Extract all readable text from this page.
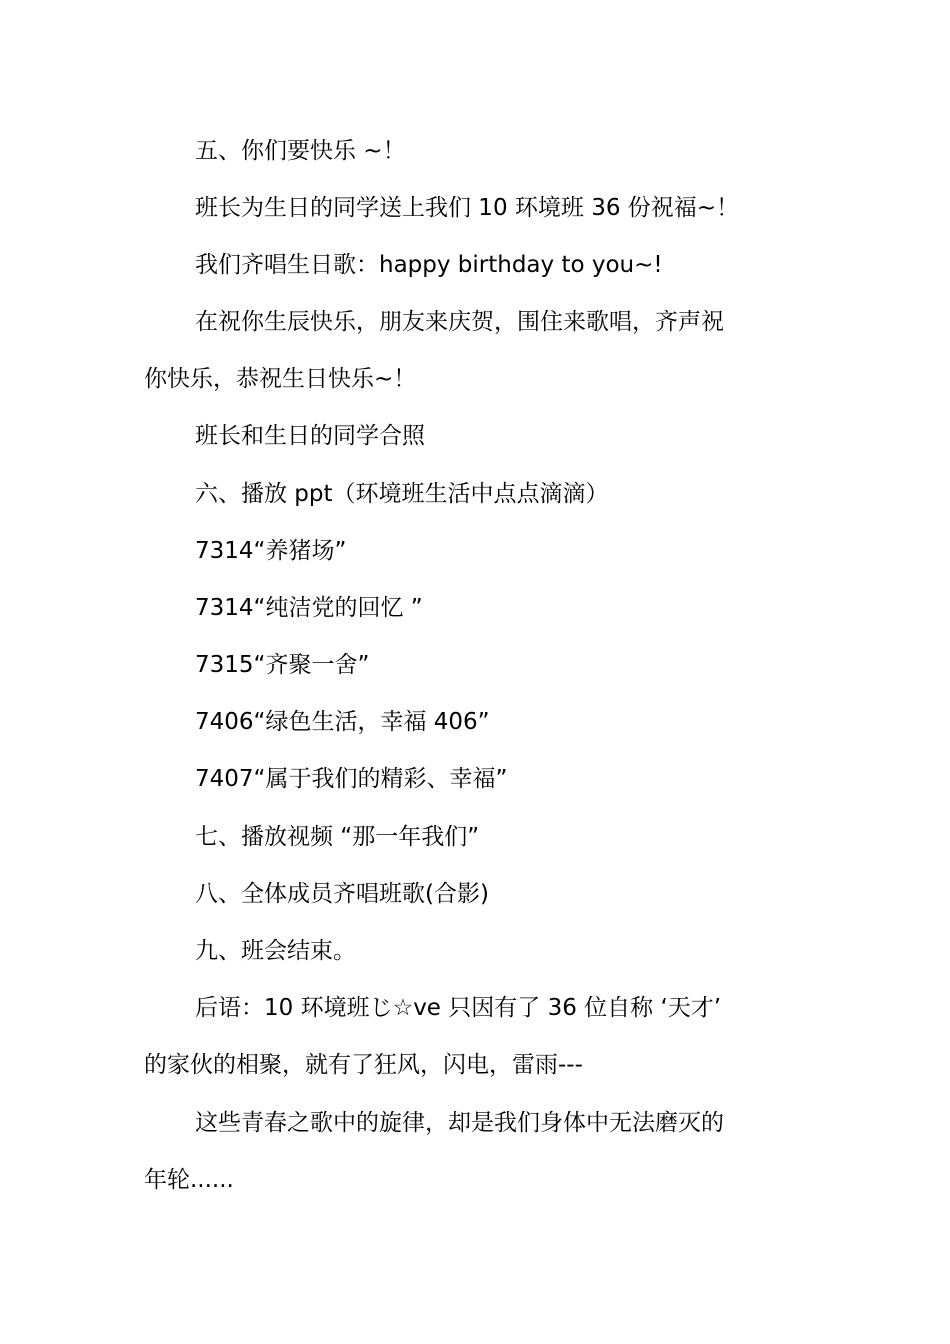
五、你们要快乐 ~！
班长为生日的同学送上我们 10 环境班 36 份祝福~！
我们齐唱生日歌：happy birthday to you~!
在祝你生辰快乐，朋友来庆贺，围住来歌唱，齐声祝
你快乐，恭祝生日快乐~！
班长和生日的同学合照
六、播放 ppt（环境班生活中点点滴滴）
7314“养猪场”
7314“纯洁党的回忆 ”
7315“齐聚一舍”
7406“绿色生活，幸福 406”
7407“属于我们的精彩、幸福”
七、播放视频 “那一年我们”
八、全体成员齐唱班歌(合影)
九、班会结束。
后语：10 环境班じ☆ve 只因有了 36 位自称 ‘天才’
的家伙的相聚，就有了狂风，闪电，雷雨---
这些青春之歌中的旋律，却是我们身体中无法磨灭的
年轮......
